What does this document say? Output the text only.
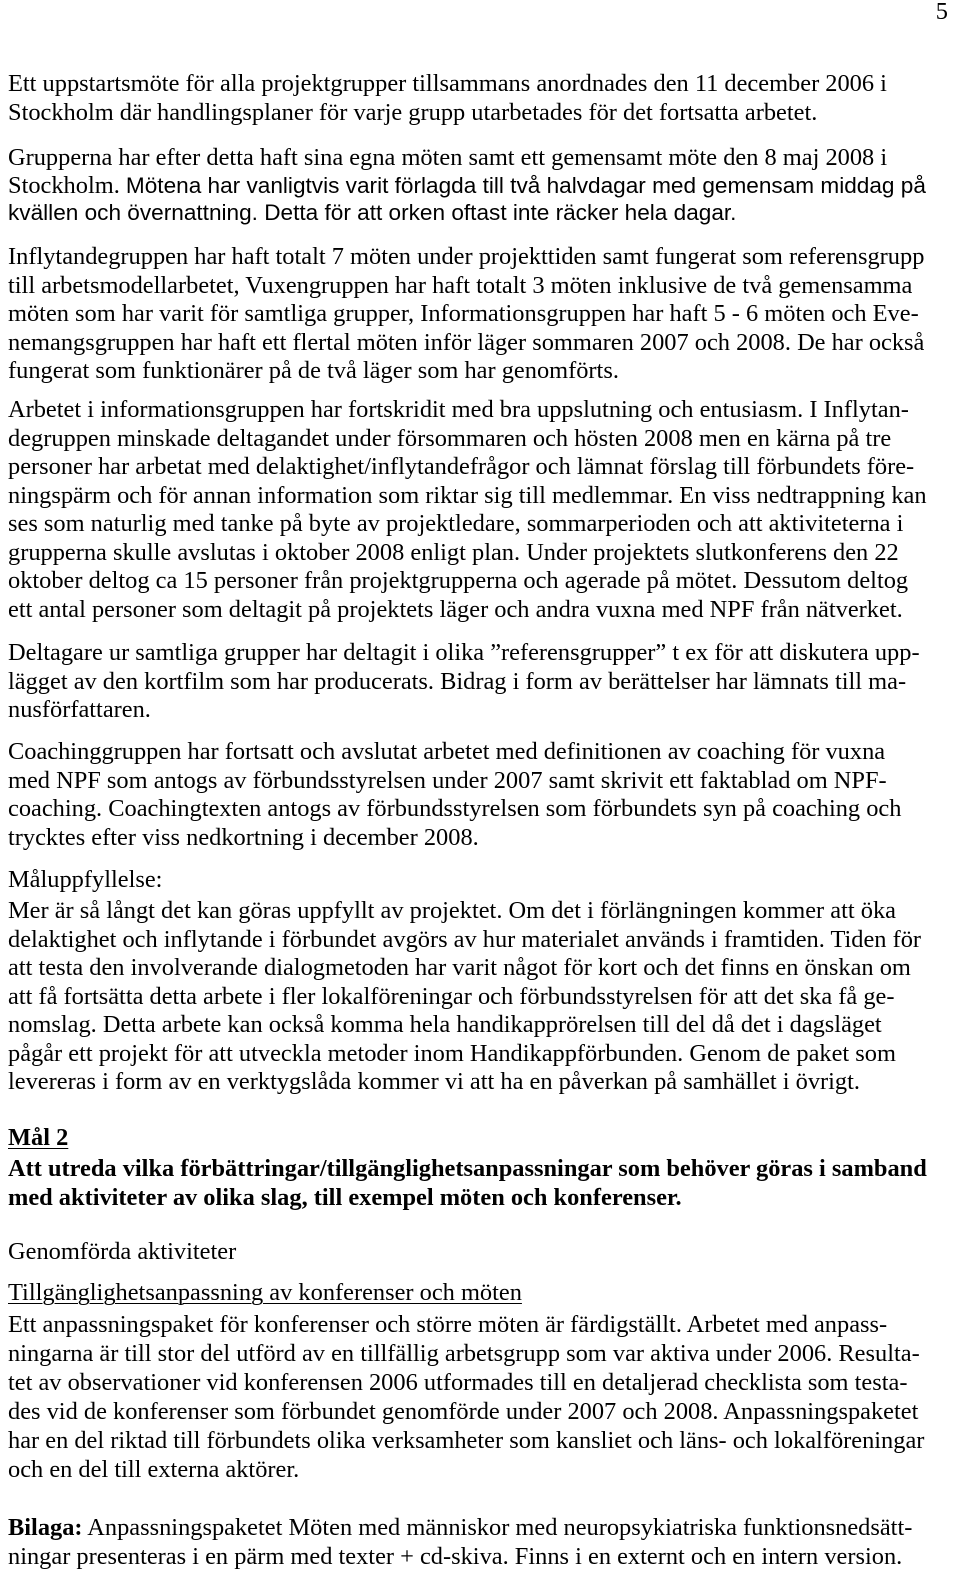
5
Ett uppstartsmöte för alla projektgrupper tillsammans anordnades den 11 december 2006 i
Stockholm där handlingsplaner för varje grupp utarbetades för det fortsatta arbetet.
Grupperna har efter detta haft sina egna möten samt ett gemensamt möte den 8 maj 2008 i
Stockholm. Mötena har vanligtvis varit förlagda till två halvdagar med gemensam middag på
kvällen och övernattning. Detta för att orken oftast inte räcker hela dagar.
Inflytandegruppen har haft totalt 7 möten under projekttiden samt fungerat som referensgrupp
till arbetsmodellarbetet, Vuxengruppen har haft totalt 3 möten inklusive de två gemensamma
möten som har varit för samtliga grupper, Informationsgruppen har haft 5 - 6 möten och Eve-
nemangsgruppen har haft ett flertal möten inför läger sommaren 2007 och 2008. De har också
fungerat som funktionärer på de två läger som har genomförts.
Arbetet i informationsgruppen har fortskridit med bra uppslutning och entusiasm. I Inflytan-
degruppen minskade deltagandet under försommaren och hösten 2008 men en kärna på tre
personer har arbetat med delaktighet/inflytandefrågor och lämnat förslag till förbundets före-
ningspärm och för annan information som riktar sig till medlemmar. En viss nedtrappning kan
ses som naturlig med tanke på byte av projektledare, sommarperioden och att aktiviteterna i
grupperna skulle avslutas i oktober 2008 enligt plan. Under projektets slutkonferens den 22
oktober deltog ca 15 personer från projektgrupperna och agerade på mötet. Dessutom deltog
ett antal personer som deltagit på projektets läger och andra vuxna med NPF från nätverket.
Deltagare ur samtliga grupper har deltagit i olika ”referensgrupper” t ex för att diskutera upp-
lägget av den kortfilm som har producerats. Bidrag i form av berättelser har lämnats till ma-
nusförfattaren.
Coachinggruppen har fortsatt och avslutat arbetet med definitionen av coaching för vuxna
med NPF som antogs av förbundsstyrelsen under 2007 samt skrivit ett faktablad om NPF-
coaching. Coachingtexten antogs av förbundsstyrelsen som förbundets syn på coaching och
trycktes efter viss nedkortning i december 2008.
Måluppfyllelse:
Mer är så långt det kan göras uppfyllt av projektet. Om det i förlängningen kommer att öka
delaktighet och inflytande i förbundet avgörs av hur materialet används i framtiden. Tiden för
att testa den involverande dialogmetoden har varit något för kort och det finns en önskan om
att få fortsätta detta arbete i fler lokalföreningar och förbundsstyrelsen för att det ska få ge-
nomslag. Detta arbete kan också komma hela handikapprörelsen till del då det i dagsläget
pågår ett projekt för att utveckla metoder inom Handikappförbunden. Genom de paket som
levereras i form av en verktygslåda kommer vi att ha en påverkan på samhället i övrigt.
Mål 2
Att utreda vilka förbättringar/tillgänglighetsanpassningar som behöver göras i samband
med aktiviteter av olika slag, till exempel möten och konferenser.
Genomförda aktiviteter
Tillgänglighetsanpassning av konferenser och möten
Ett anpassningspaket för konferenser och större möten är färdigställt. Arbetet med anpass-
ningarna är till stor del utförd av en tillfällig arbetsgrupp som var aktiva under 2006. Resulta-
tet av observationer vid konferensen 2006 utformades till en detaljerad checklista som testa-
des vid de konferenser som förbundet genomförde under 2007 och 2008. Anpassningspaketet
har en del riktad till förbundets olika verksamheter som kansliet och läns- och lokalföreningar
och en del till externa aktörer.
Bilaga: Anpassningspaketet Möten med människor med neuropsykiatriska funktionsnedsätt-
ningar presenteras i en pärm med texter + cd-skiva. Finns i en externt och en intern version.
